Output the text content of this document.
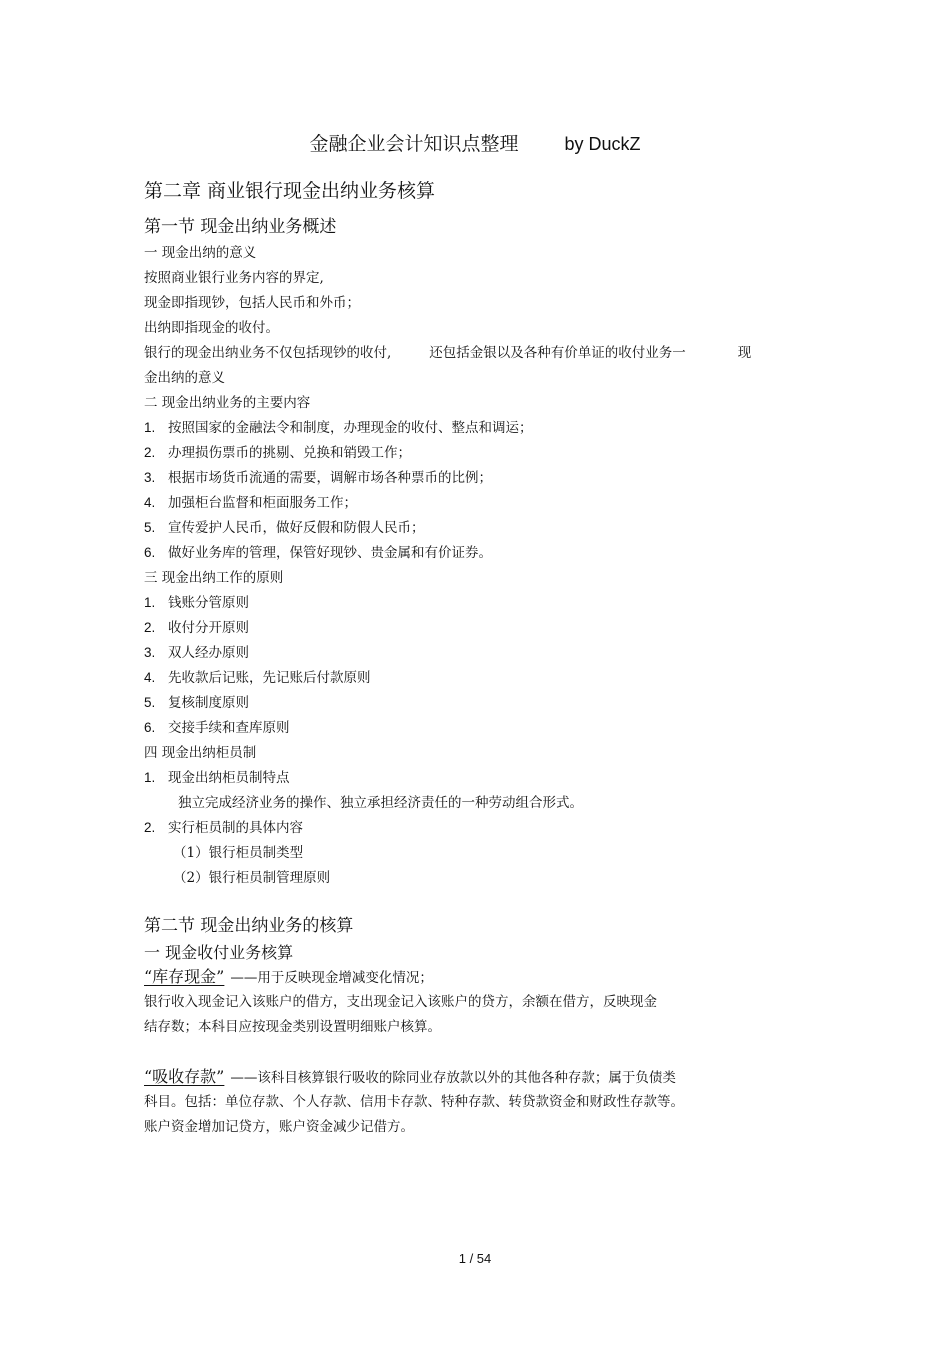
金融企业会计知识点整理	by DuckZ
第二章 商业银行现金出纳业务核算
第一节 现金出纳业务概述
一 现金出纳的意义
按照商业银行业务内容的界定,
现金即指现钞，包括人民币和外币；
出纳即指现金的收付。
银行的现金出纳业务不仅包括现钞的收付,	还包括金银以及各种有价单证的收付业务一	现
金出纳的意义
二 现金出纳业务的主要内容
1. 按照国家的金融法令和制度，办理现金的收付、整点和调运；
2. 办理损伤票币的挑剔、兑换和销毁工作；
3. 根据市场货币流通的需要，调解市场各种票币的比例；
4. 加强柜台监督和柜面服务工作；
5. 宣传爱护人民币，做好反假和防假人民币；
6. 做好业务库的管理，保管好现钞、贵金属和有价证券。
三 现金出纳工作的原则
1. 钱账分管原则
2. 收付分开原则
3. 双人经办原则
4. 先收款后记账，先记账后付款原则
5. 复核制度原则
6. 交接手续和查库原则
四 现金出纳柜员制
1. 现金出纳柜员制特点
独立完成经济业务的操作、独立承担经济责任的一种劳动组合形式。
2. 实行柜员制的具体内容
（1）银行柜员制类型
（2）银行柜员制管理原则
第二节 现金出纳业务的核算
一 现金收付业务核算
“库存现金” ——用于反映现金增减变化情况；
银行收入现金记入该账户的借方，支出现金记入该账户的贷方，余额在借方，反映现金
结存数；本科目应按现金类别设置明细账户核算。
“吸收存款” ——该科目核算银行吸收的除同业存放款以外的其他各种存款；属于负债类
科目。包括：单位存款、个人存款、信用卡存款、特种存款、转贷款资金和财政性存款等。
账户资金增加记贷方，账户资金减少记借方。
1 / 54
